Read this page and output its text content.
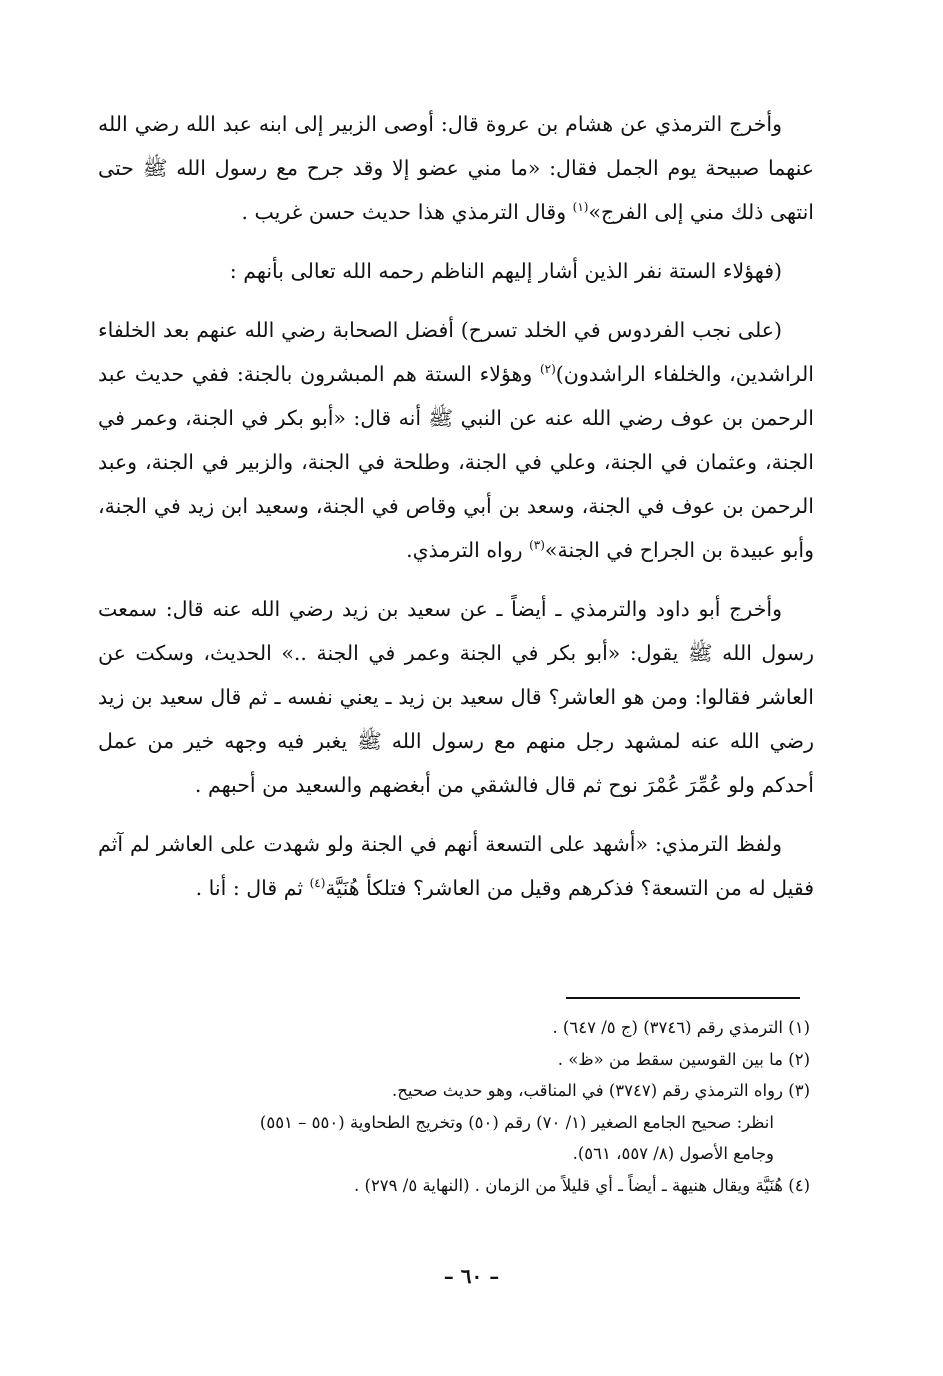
وأخرج الترمذي عن هشام بن عروة قال: أوصى الزبير إلى ابنه عبد الله رضي الله عنهما صبيحة يوم الجمل فقال: «ما مني عضو إلا وقد جرح مع رسول الله ﷺ حتى انتهى ذلك مني إلى الفرج»$^{(١)}$ وقال الترمذي هذا حديث حسن غريب .

(فهؤلاء الستة نفر الذين أشار إليهم الناظم رحمه الله تعالى بأنهم :

(على نجب الفردوس في الخلد تسرح) أفضل الصحابة رضي الله عنهم بعد الخلفاء الراشدين، والخلفاء الراشدون)$^{(٢)}$ وهؤلاء الستة هم المبشرون بالجنة: ففي حديث عبد الرحمن بن عوف رضي الله عنه عن النبي ﷺ أنه قال: «أبو بكر في الجنة، وعمر في الجنة، وعثمان في الجنة، وعلي في الجنة، وطلحة في الجنة، والزبير في الجنة، وعبد الرحمن بن عوف في الجنة، وسعد بن أبي وقاص في الجنة، وسعيد ابن زيد في الجنة، وأبو عبيدة بن الجراح في الجنة»$^{(٣)}$ رواه الترمذي.

وأخرج أبو داود والترمذي ـ أيضاً ـ عن سعيد بن زيد رضي الله عنه قال: سمعت رسول الله ﷺ يقول: «أبو بكر في الجنة وعمر في الجنة ..» الحديث، وسكت عن العاشر فقالوا: ومن هو العاشر؟ قال سعيد بن زيد ـ يعني نفسه ـ ثم قال سعيد بن زيد رضي الله عنه لمشهد رجل منهم مع رسول الله ﷺ يغبر فيه وجهه خير من عمل أحدكم ولو عُمِّرَ عُمْرَ نوح ثم قال فالشقي من أبغضهم والسعيد من أحبهم .

ولفظ الترمذي: «أشهد على التسعة أنهم في الجنة ولو شهدت على العاشر لم آثم فقيل له من التسعة؟ فذكرهم وقيل من العاشر؟ فتلكأ هُنَيَّة$^{(٤)}$ ثم قال : أنا .

(١) الترمذي رقم (٣٧٤٦) (ج ٥/ ٦٤٧) .

(٢) ما بين القوسين سقط من «ظ» .

(٣) رواه الترمذي رقم (٣٧٤٧) في المناقب، وهو حديث صحيح.

انظر: صحيح الجامع الصغير (١/ ٧٠) رقم (٥٠) وتخريج الطحاوية (٥٥٠ – ٥٥١)

وجامع الأصول (٨/ ٥٥٧، ٥٦١).

(٤) هُنَيَّة ويقال هنيهة ـ أيضاً ـ أي قليلاً من الزمان . (النهاية ٥/ ٢٧٩) .

– ٦٠ –
